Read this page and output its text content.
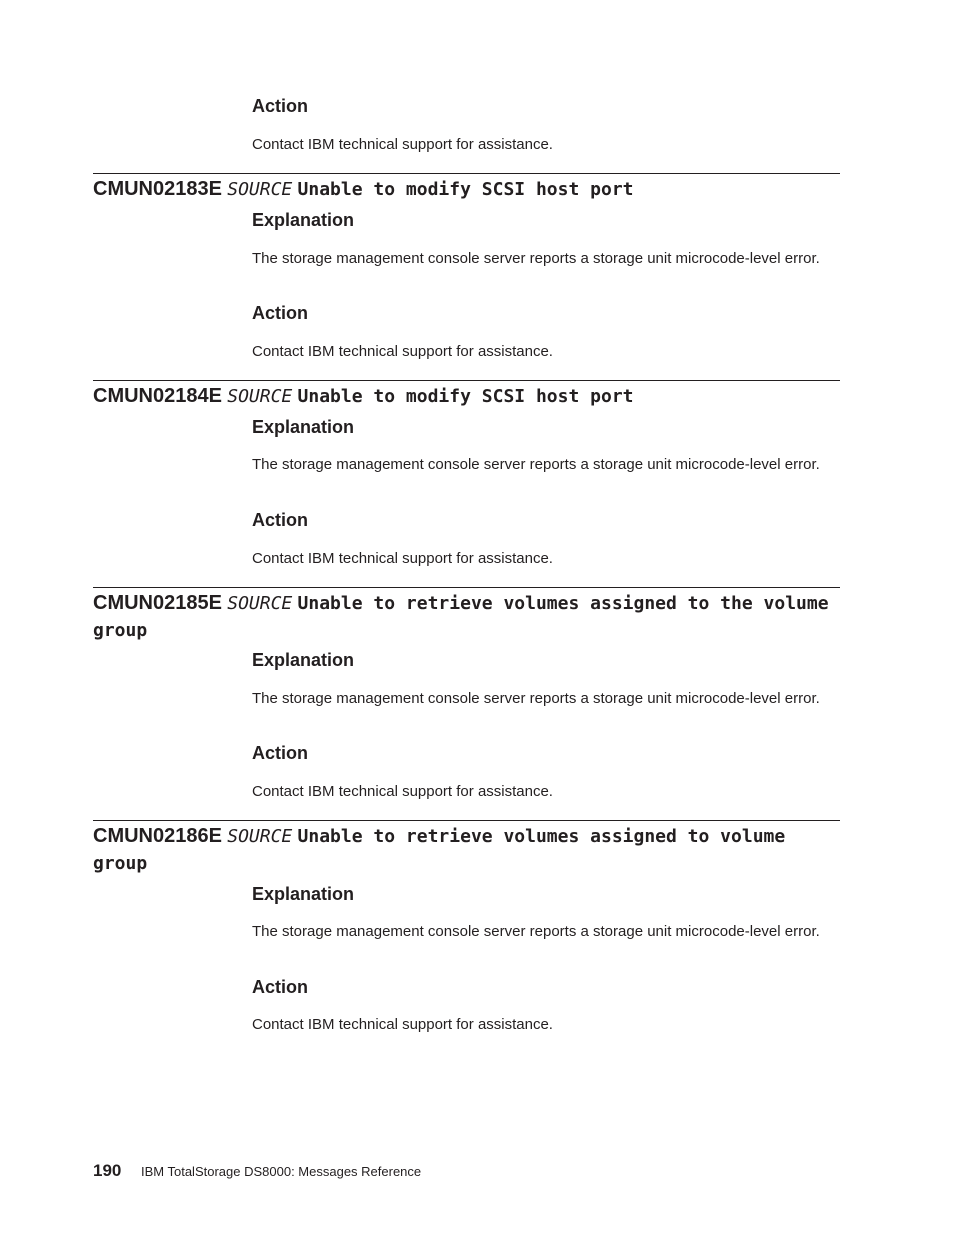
Action

Contact IBM technical support for assistance.

CMUN02183E SOURCE Unable to modify SCSI host port
Explanation

The storage management console server reports a storage unit microcode-level error.

Action

Contact IBM technical support for assistance.

CMUN02184E SOURCE Unable to modify SCSI host port
Explanation

The storage management console server reports a storage unit microcode-level error.

Action

Contact IBM technical support for assistance.

CMUN02185E SOURCE Unable to retrieve volumes assigned to the volume group
Explanation

The storage management console server reports a storage unit microcode-level error.

Action

Contact IBM technical support for assistance.

CMUN02186E SOURCE Unable to retrieve volumes assigned to volume group
Explanation

The storage management console server reports a storage unit microcode-level error.

Action

Contact IBM technical support for assistance.

190 IBM TotalStorage DS8000: Messages Reference
